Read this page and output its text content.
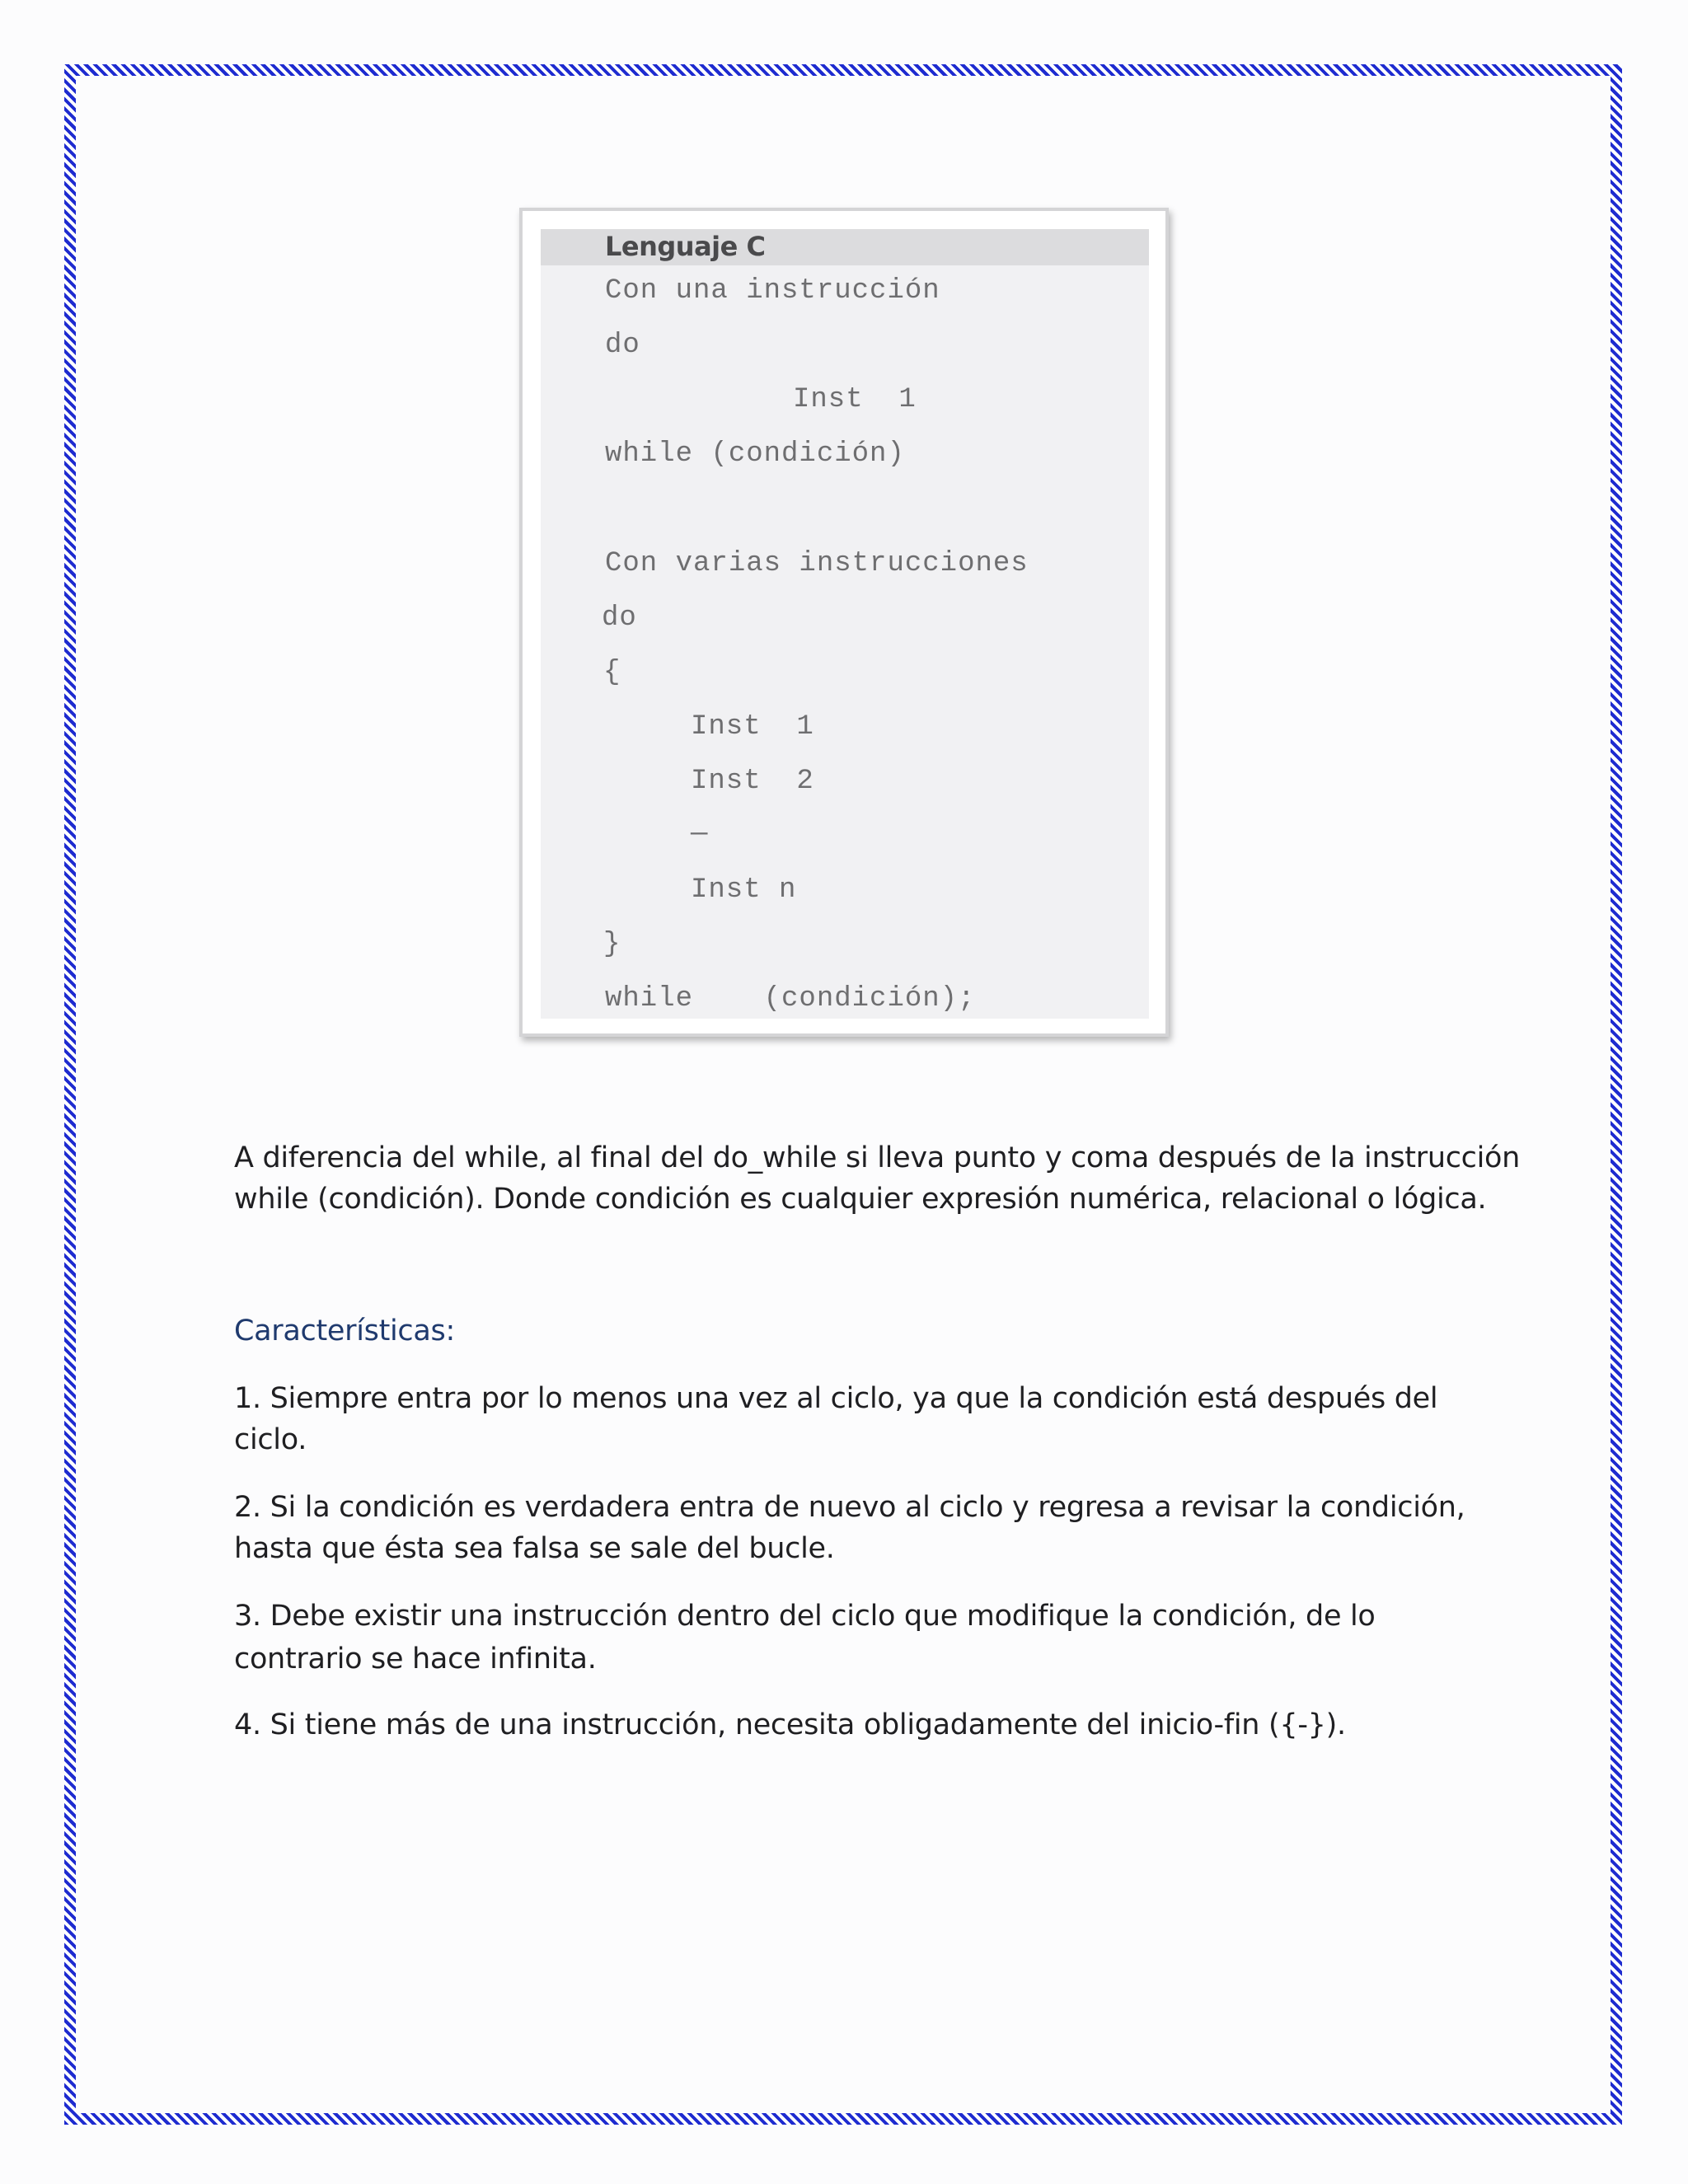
Lenguaje C
Con una instrucción
do
Inst  1
while (condición)
Con varias instrucciones
do
{
Inst  1
Inst  2
—
Inst n
}
while    (condición);
A diferencia del while, al final del do_while si lleva punto y coma después de la instrucción
while (condición). Donde condición es cualquier expresión numérica, relacional o lógica.
Características:
1. Siempre entra por lo menos una vez al ciclo, ya que la condición está después del
ciclo.
2. Si la condición es verdadera entra de nuevo al ciclo y regresa a revisar la condición,
hasta que ésta sea falsa se sale del bucle.
3. Debe existir una instrucción dentro del ciclo que modifique la condición, de lo
contrario se hace infinita.
4. Si tiene más de una instrucción, necesita obligadamente del inicio-fin ({-}).
